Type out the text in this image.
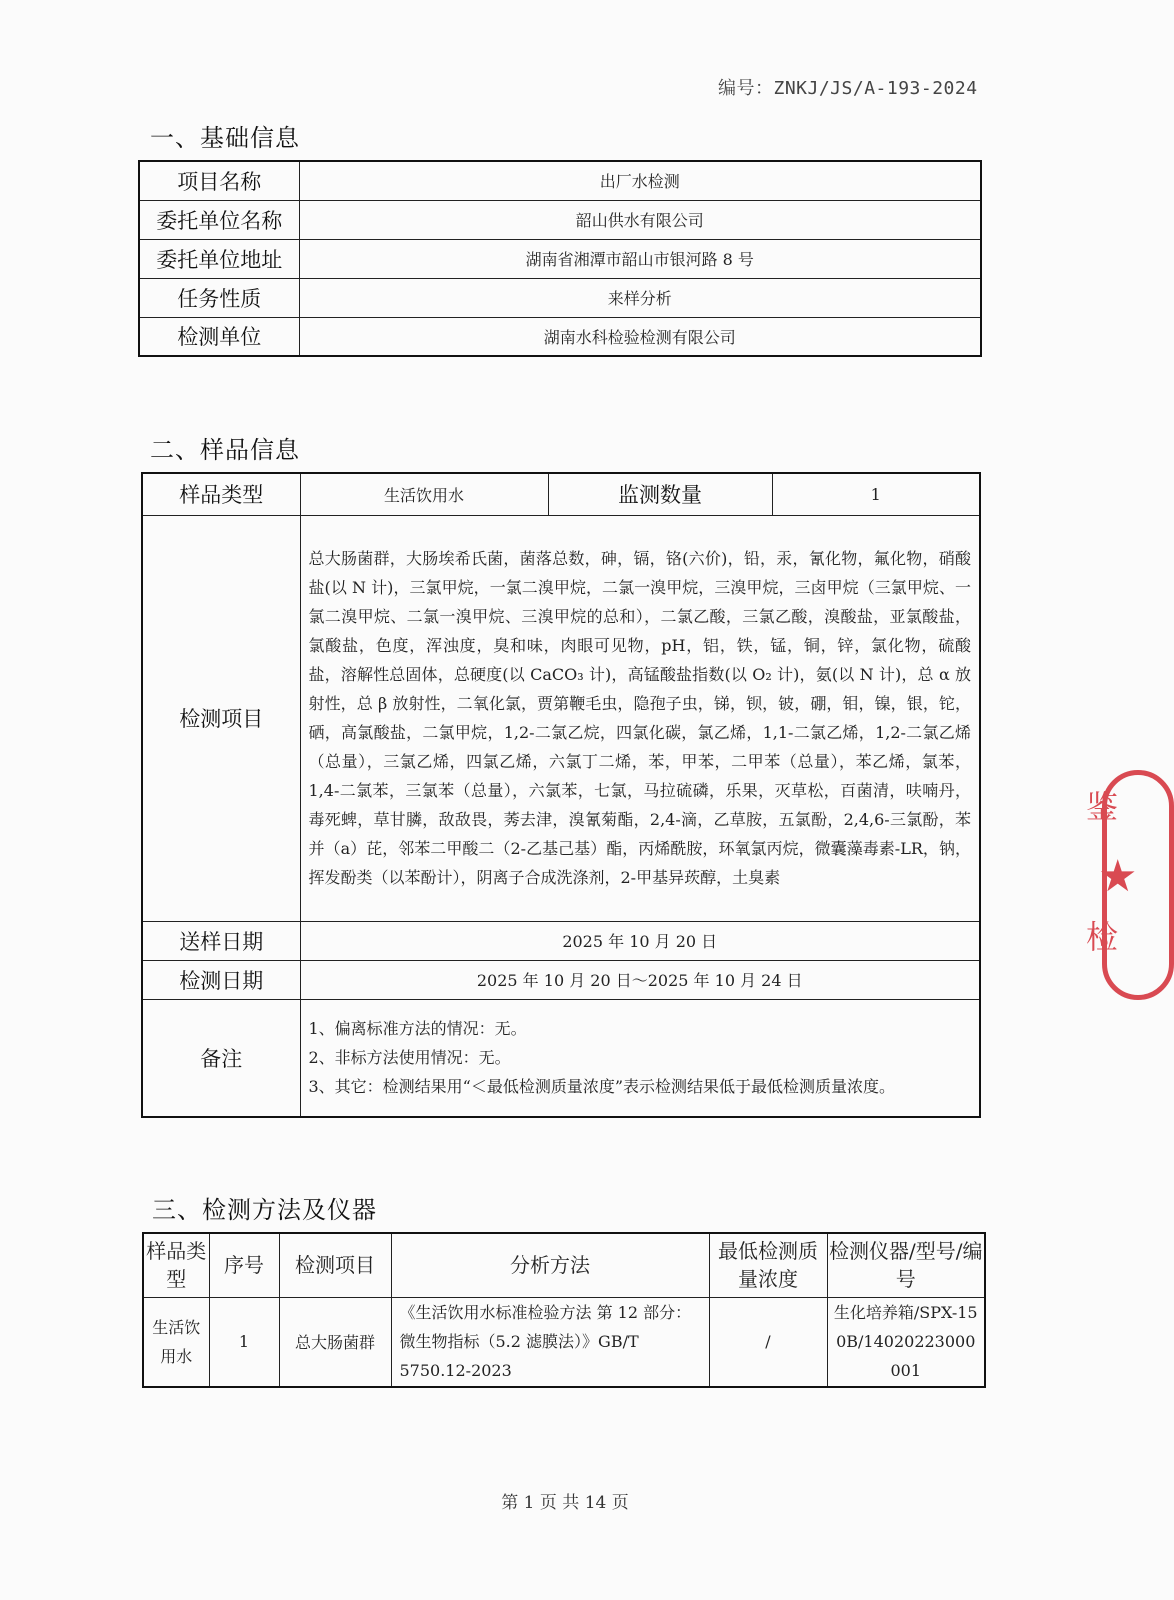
编号：ZNKJ/JS/A-193-2024
一、基础信息
项目名称	出厂水检测
委托单位名称	韶山供水有限公司
委托单位地址	湖南省湘潭市韶山市银河路 8 号
任务性质	来样分析
检测单位	湖南水科检验检测有限公司
二、样品信息
样品类型	生活饮用水	监测数量	1
检测项目	总大肠菌群，大肠埃希氏菌，菌落总数，砷，镉，铬(六价)，铅，汞，氰化物，氟化物，硝酸盐(以 N 计)，三氯甲烷，一氯二溴甲烷，二氯一溴甲烷，三溴甲烷，三卤甲烷（三氯甲烷、一氯二溴甲烷、二氯一溴甲烷、三溴甲烷的总和），二氯乙酸，三氯乙酸，溴酸盐，亚氯酸盐，氯酸盐，色度，浑浊度，臭和味，肉眼可见物，pH，铝，铁，锰，铜，锌，氯化物，硫酸盐，溶解性总固体，总硬度(以 CaCO₃ 计)，高锰酸盐指数(以 O₂ 计)，氨(以 N 计)，总 α 放射性，总 β 放射性，二氧化氯，贾第鞭毛虫，隐孢子虫，锑，钡，铍，硼，钼，镍，银，铊，硒，高氯酸盐，二氯甲烷，1,2-二氯乙烷，四氯化碳，氯乙烯，1,1-二氯乙烯，1,2-二氯乙烯（总量），三氯乙烯，四氯乙烯，六氯丁二烯，苯，甲苯，二甲苯（总量），苯乙烯，氯苯，1,4-二氯苯，三氯苯（总量），六氯苯，七氯，马拉硫磷，乐果，灭草松，百菌清，呋喃丹，毒死蜱，草甘膦，敌敌畏，莠去津，溴氰菊酯，2,4-滴，乙草胺，五氯酚，2,4,6-三氯酚，苯并（a）芘，邻苯二甲酸二（2-乙基己基）酯，丙烯酰胺，环氧氯丙烷，微囊藻毒素-LR，钠，挥发酚类（以苯酚计），阴离子合成洗涤剂，2-甲基异莰醇，土臭素		
送样日期	2025 年 10 月 20 日		
检测日期	2025 年 10 月 20 日～2025 年 10 月 24 日		
备注	1、偏离标准方法的情况：无。

2、非标方法使用情况：无。

3、其它：检测结果用“＜最低检测质量浓度”表示检测结果低于最低检测质量浓度。		

三、检测方法及仪器
样品类型	序号	检测项目	分析方法	最低检测质量浓度	检测仪器/型号/编号
生活饮用水	1	总大肠菌群	《生活饮用水标准检验方法 第 12 部分：微生物指标（5.2 滤膜法）》GB/T 5750.12-2023	/	生化培养箱/SPX-150B/14020223000001
第 1 页 共 14 页
★
鉴
检
